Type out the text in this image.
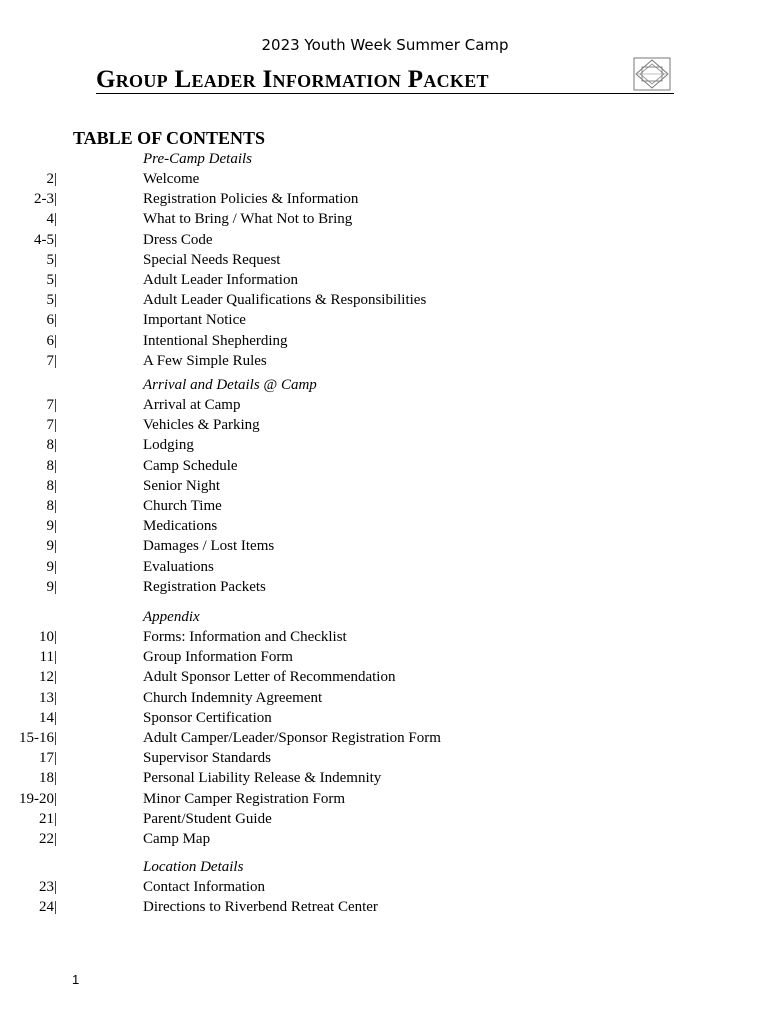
2023 Youth Week Summer Camp
Group Leader Information Packet
TABLE OF CONTENTS
Pre-Camp Details
2|	Welcome
2-3|	Registration Policies & Information
4|	What to Bring / What Not to Bring
4-5|	Dress Code
5|	Special Needs Request
5|	Adult Leader Information
5|	Adult Leader Qualifications & Responsibilities
6|	Important Notice
6|	Intentional Shepherding
7|	A Few Simple Rules
Arrival and Details @ Camp
7|	Arrival at Camp
7|	Vehicles & Parking
8|	Lodging
8|	Camp Schedule
8|	Senior Night
8|	Church Time
9|	Medications
9|	Damages / Lost Items
9|	Evaluations
9|	Registration Packets
Appendix
10|	Forms: Information and Checklist
11|	Group Information Form
12|	Adult Sponsor Letter of Recommendation
13|	Church Indemnity Agreement
14|	Sponsor Certification
15-16|	Adult Camper/Leader/Sponsor Registration Form
17|	Supervisor Standards
18|	Personal Liability Release & Indemnity
19-20|	Minor Camper Registration Form
21|	Parent/Student Guide
22|	Camp Map
Location Details
23|	Contact Information
24|	Directions to Riverbend Retreat Center
1
